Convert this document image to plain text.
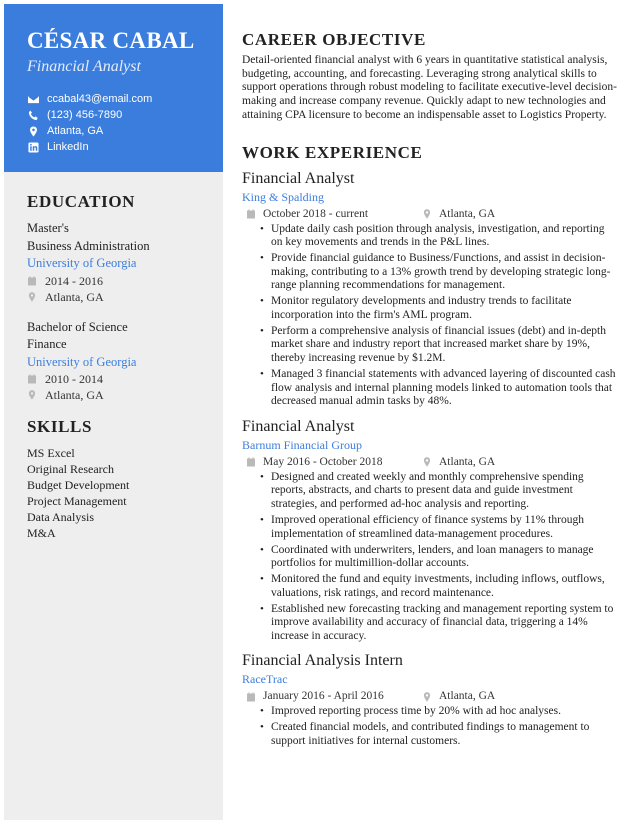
CÉSAR CABAL
Financial Analyst
ccabal43@email.com
(123) 456-7890
Atlanta, GA
LinkedIn
EDUCATION
Master's
Business Administration
University of Georgia
2014 - 2016
Atlanta, GA
Bachelor of Science
Finance
University of Georgia
2010 - 2014
Atlanta, GA
SKILLS
MS Excel
Original Research
Budget Development
Project Management
Data Analysis
M&A
CAREER OBJECTIVE
Detail-oriented financial analyst with 6 years in quantitative statistical analysis, budgeting, accounting, and forecasting. Leveraging strong analytical skills to support operations through robust modeling to facilitate executive-level decision-making and increase company revenue. Quickly adapt to new technologies and attaining CPA licensure to become an indispensable asset to Logistics Property.
WORK EXPERIENCE
Financial Analyst
King & Spalding
October 2018 - current	Atlanta, GA
• Update daily cash position through analysis, investigation, and reporting on key movements and trends in the P&L lines.
• Provide financial guidance to Business/Functions, and assist in decision-making, contributing to a 13% growth trend by developing strategic long-range planning recommendations for management.
• Monitor regulatory developments and industry trends to facilitate incorporation into the firm's AML program.
• Perform a comprehensive analysis of financial issues (debt) and in-depth market share and industry report that increased market share by 19%, thereby increasing revenue by $1.2M.
• Managed 3 financial statements with advanced layering of discounted cash flow analysis and internal planning models linked to automation tools that decreased manual admin tasks by 48%.
Financial Analyst
Barnum Financial Group
May 2016 - October 2018	Atlanta, GA
• Designed and created weekly and monthly comprehensive spending reports, abstracts, and charts to present data and guide investment strategies, and performed ad-hoc analysis and reporting.
• Improved operational efficiency of finance systems by 11% through implementation of streamlined data-management procedures.
• Coordinated with underwriters, lenders, and loan managers to manage portfolios for multimillion-dollar accounts.
• Monitored the fund and equity investments, including inflows, outflows, valuations, risk ratings, and record maintenance.
• Established new forecasting tracking and management reporting system to improve availability and accuracy of financial data, triggering a 14% increase in accuracy.
Financial Analysis Intern
RaceTrac
January 2016 - April 2016	Atlanta, GA
• Improved reporting process time by 20% with ad hoc analyses.
• Created financial models, and contributed findings to management to support initiatives for internal customers.
